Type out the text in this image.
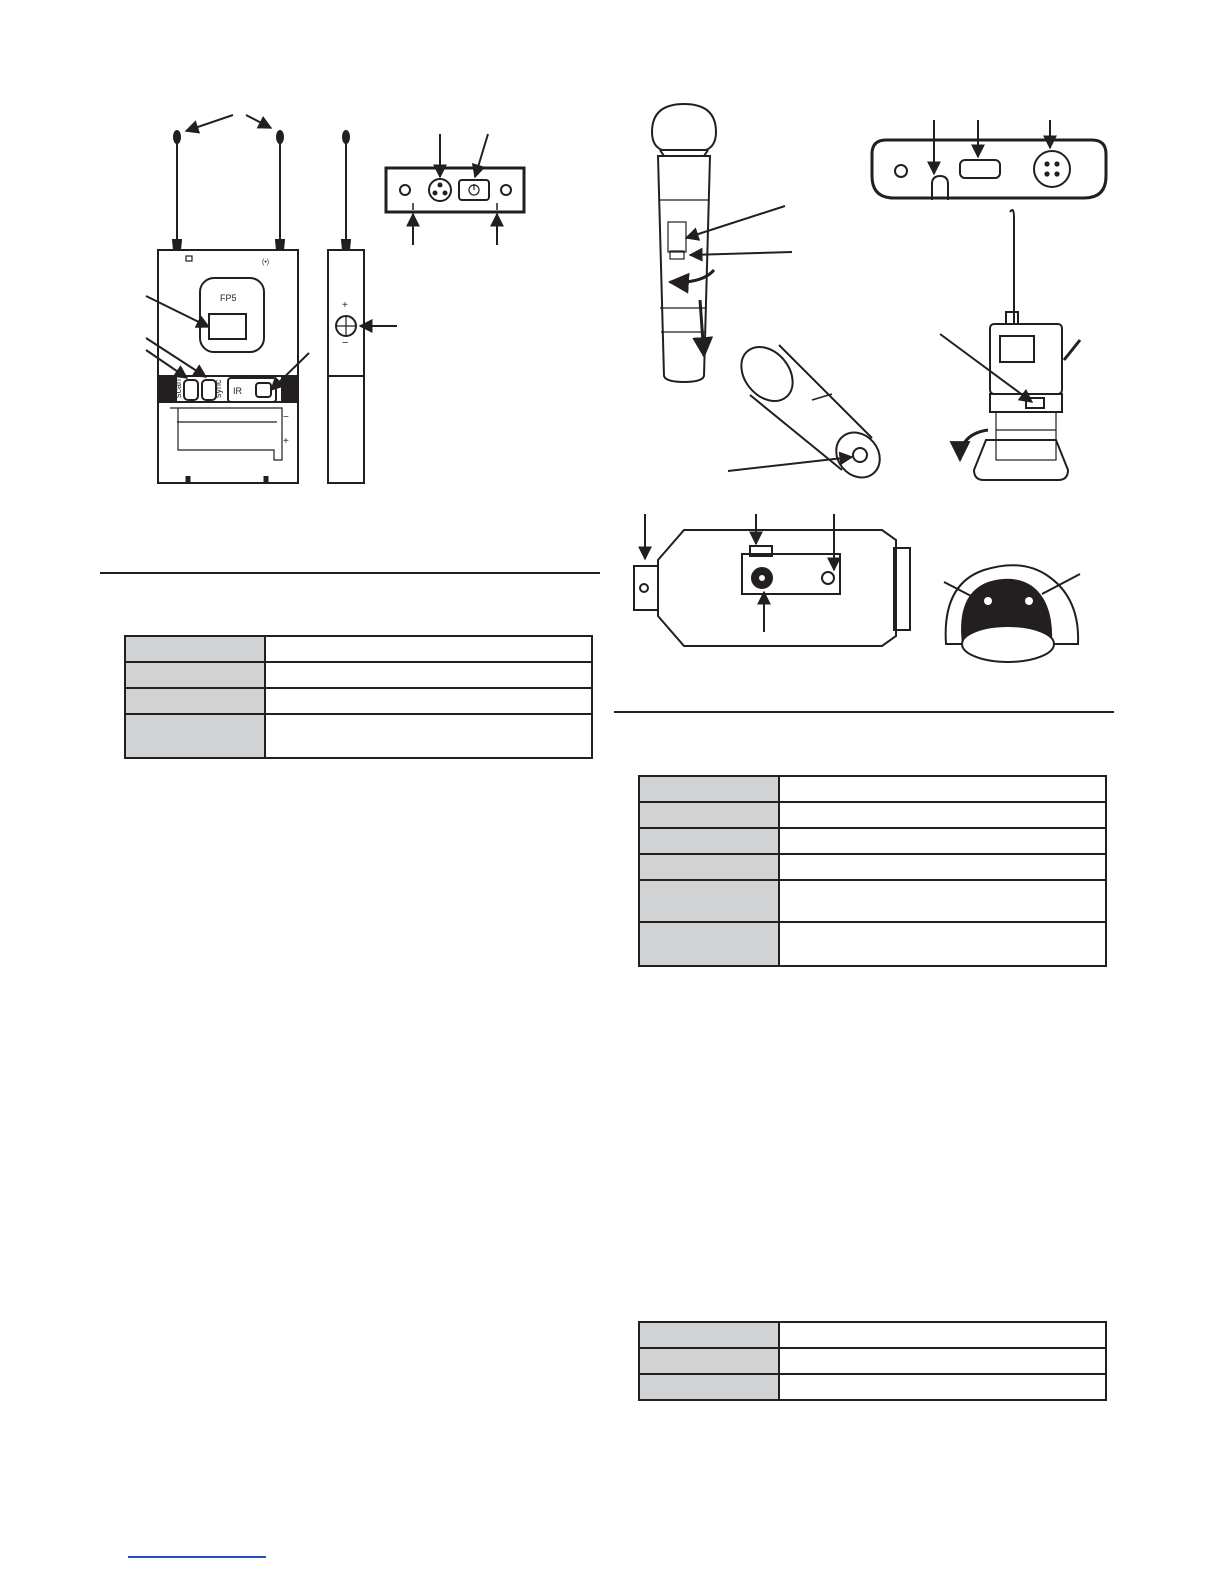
FP5
(•)
scan	sync IR
−
+
+
−
